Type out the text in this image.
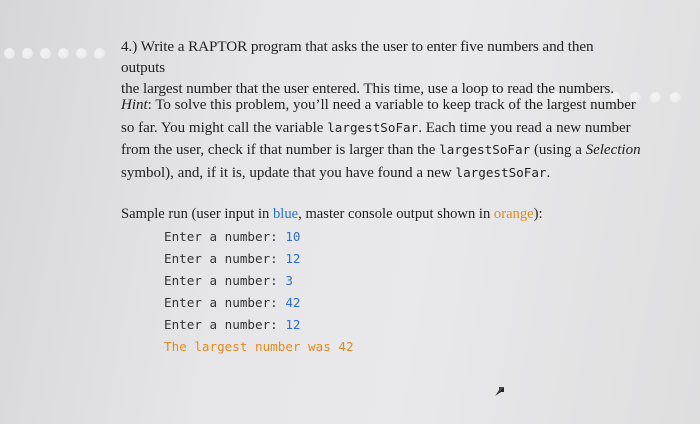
4.) Write a RAPTOR program that asks the user to enter five numbers and then outputs
the largest number that the user entered. This time, use a loop to read the numbers.
Hint: To solve this problem, you’ll need a variable to keep track of the largest number so far. You might call the variable largestSoFar. Each time you read a new number from the user, check if that number is larger than the largestSoFar (using a Selection symbol), and, if it is, update that you have found a new largestSoFar.
Sample run (user input in blue, master console output shown in orange):
Enter a number: 10
Enter a number: 12
Enter a number: 3
Enter a number: 42
Enter a number: 12
The largest number was 42
